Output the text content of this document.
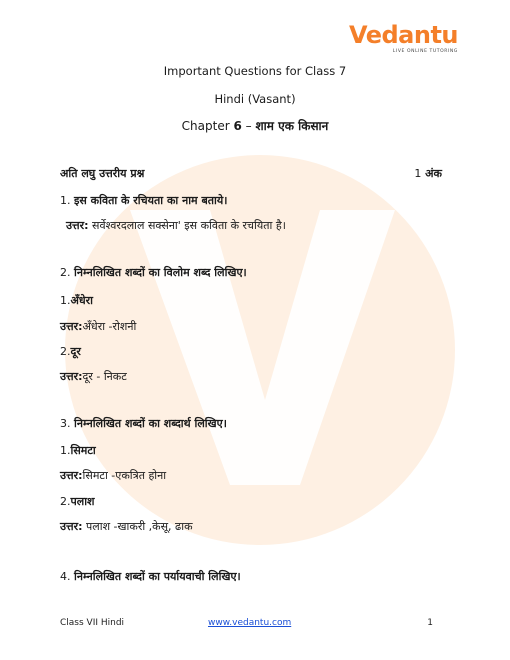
Vedantu
LIVE ONLINE TUTORING
Important Questions for Class 7
Hindi (Vasant)
Chapter 6 – शाम एक किसान
अति लघु उत्तरीय प्रश्न	1 अंक
1. इस कविता के रचियता का नाम बताये।
उत्तर: सर्वेश्वरदलाल सक्सेना' इस कविता के रचयिता है।
2. निम्नलिखित शब्दों का विलोम शब्द लिखिए।
1.अँधेरा
उत्तर:अँधेरा -रोशनी
2.दूर
उत्तर:दूर - निकट
3. निम्नलिखित शब्दों का शब्दार्थ लिखिए।
1.सिमटा
उत्तर:सिमटा -एकत्रित होना
2.पलाश
उत्तर: पलाश -खाकरी ,केसू, ढाक
4. निम्नलिखित शब्दों का पर्यायवाची लिखिए।
Class VII Hindi	www.vedantu.com	1
